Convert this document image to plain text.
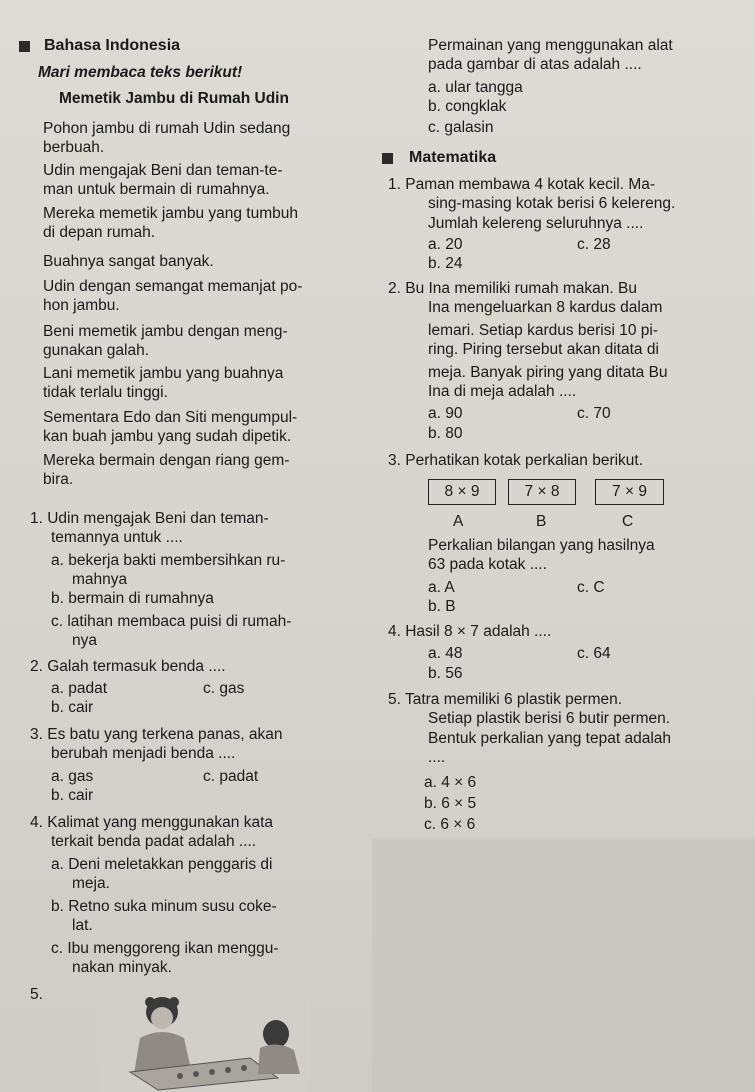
Bahasa Indonesia
Mari membaca teks berikut!
Memetik Jambu di Rumah Udin
Pohon jambu di rumah Udin sedang
berbuah.
Udin mengajak Beni dan teman-te-
man untuk bermain di rumahnya.
Mereka memetik jambu yang tumbuh
di depan rumah.
Buahnya sangat banyak.
Udin dengan semangat memanjat po-
hon jambu.
Beni memetik jambu dengan meng-
gunakan galah.
Lani memetik jambu yang buahnya
tidak terlalu tinggi.
Sementara Edo dan Siti mengumpul-
kan buah jambu yang sudah dipetik.
Mereka bermain dengan riang gem-
bira.
1. Udin mengajak Beni dan teman-
temannya untuk ....
a. bekerja bakti membersihkan ru-
mahnya
b. bermain di rumahnya
c. latihan membaca puisi di rumah-
nya
2. Galah termasuk benda ....
a. padat	c. gas
b. cair
3. Es batu yang terkena panas, akan
berubah menjadi benda ....
a. gas	c. padat
b. cair
4. Kalimat yang menggunakan kata
terkait benda padat adalah ....
a. Deni meletakkan penggaris di
meja.
b. Retno suka minum susu coke-
lat.
c. Ibu menggoreng ikan menggu-
nakan minyak.
5.
Permainan yang menggunakan alat
pada gambar di atas adalah ....
a. ular tangga
b. congklak
c. galasin
Matematika
1. Paman membawa 4 kotak kecil. Ma-
sing-masing kotak berisi 6 kelereng.
Jumlah kelereng seluruhnya ....
a. 20	c. 28
b. 24
2. Bu Ina memiliki rumah makan. Bu
Ina mengeluarkan 8 kardus dalam
lemari. Setiap kardus berisi 10 pi-
ring. Piring tersebut akan ditata di
meja. Banyak piring yang ditata Bu
Ina di meja adalah ....
a. 90	c. 70
b. 80
3. Perhatikan kotak perkalian berikut.
8 × 9	7 × 8	7 × 9
A	B	C
Perkalian bilangan yang hasilnya
63 pada kotak ....
a. A	c. C
b. B
4. Hasil 8 × 7 adalah ....
a. 48	c. 64
b. 56
5. Tatra memiliki 6 plastik permen.
Setiap plastik berisi 6 butir permen.
Bentuk perkalian yang tepat adalah
....
a. 4 × 6
b. 6 × 5
c. 6 × 6
